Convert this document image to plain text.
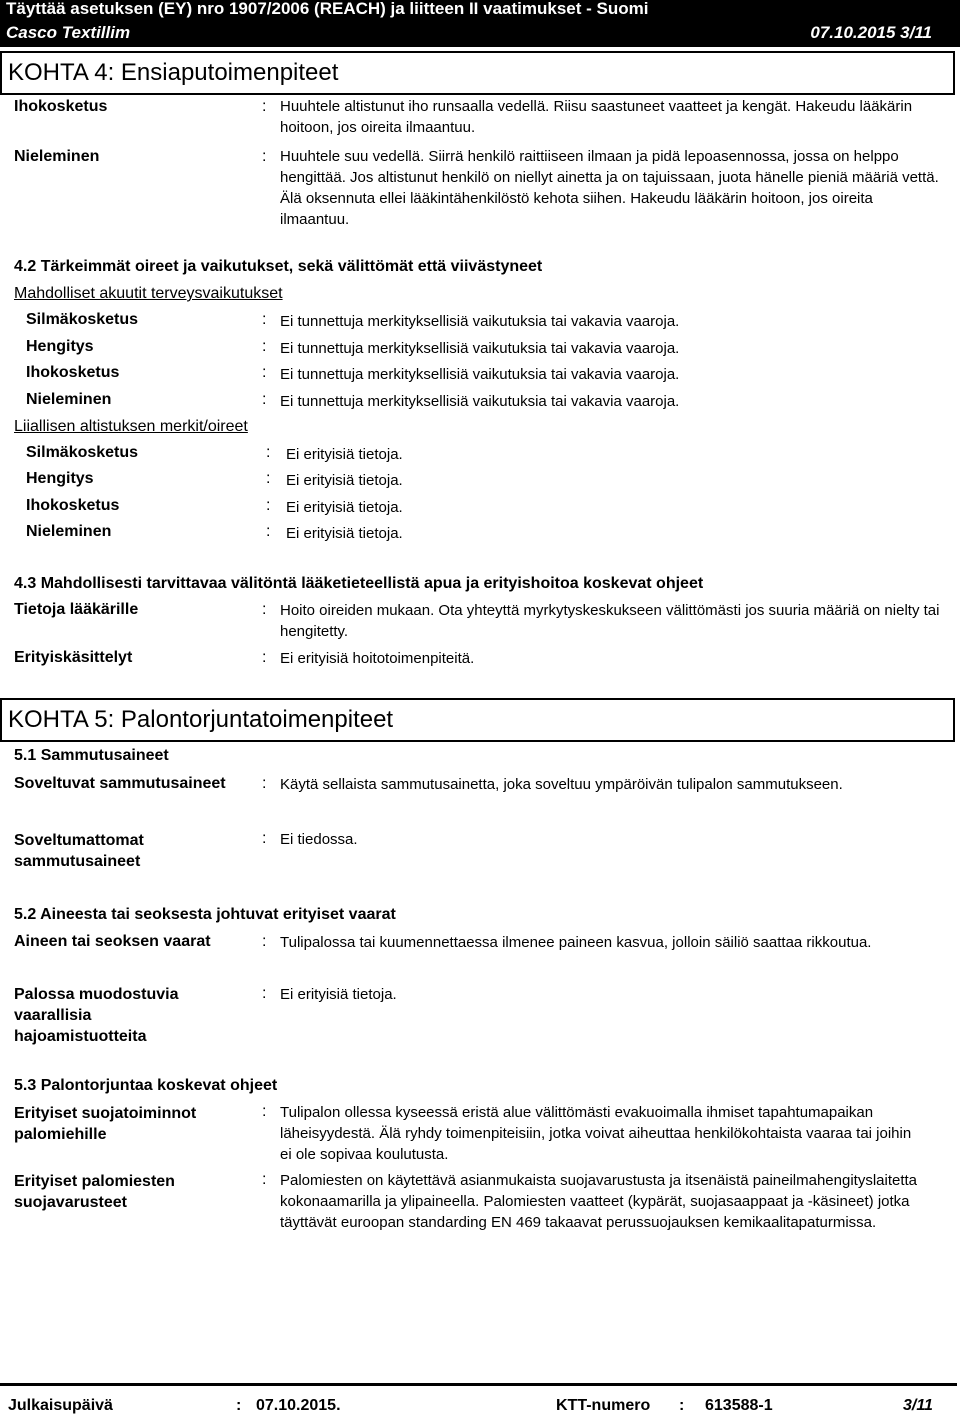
Täyttää asetuksen (EY) nro 1907/2006 (REACH) ja liitteen II vaatimukset - Suomi
Casco Textillim	07.10.2015 3/11
KOHTA 4: Ensiaputoimenpiteet
Ihokosketus	: Huuhtele altistunut iho runsaalla vedellä. Riisu saastuneet vaatteet ja kengät. Hakeudu lääkärin hoitoon, jos oireita ilmaantuu.
Nieleminen	: Huuhtele suu vedellä. Siirrä henkilö raittiiseen ilmaan ja pidä lepoasennossa, jossa on helppo hengittää. Jos altistunut henkilö on niellyt ainetta ja on tajuissaan, juota hänelle pieniä määriä vettä. Älä oksennuta ellei lääkintähenkilöstö kehota siihen. Hakeudu lääkärin hoitoon, jos oireita ilmaantuu.
4.2 Tärkeimmät oireet ja vaikutukset, sekä välittömät että viivästyneet
Mahdolliset akuutit terveysvaikutukset
Silmäkosketus	: Ei tunnettuja merkityksellisiä vaikutuksia tai vakavia vaaroja.
Hengitys	: Ei tunnettuja merkityksellisiä vaikutuksia tai vakavia vaaroja.
Ihokosketus	: Ei tunnettuja merkityksellisiä vaikutuksia tai vakavia vaaroja.
Nieleminen	: Ei tunnettuja merkityksellisiä vaikutuksia tai vakavia vaaroja.
Liiallisen altistuksen merkit/oireet
Silmäkosketus	: Ei erityisiä tietoja.
Hengitys	: Ei erityisiä tietoja.
Ihokosketus	: Ei erityisiä tietoja.
Nieleminen	: Ei erityisiä tietoja.
4.3 Mahdollisesti tarvittavaa välitöntä lääketieteellistä apua ja erityishoitoa koskevat ohjeet
Tietoja lääkärille	: Hoito oireiden mukaan. Ota yhteyttä myrkytyskeskukseen välittömästi jos suuria määriä on nielty tai hengitetty.
Erityiskäsittelyt	: Ei erityisiä hoitotoimenpiteitä.
KOHTA 5: Palontorjuntatoimenpiteet
5.1 Sammutusaineet
Soveltuvat sammutusaineet : Käytä sellaista sammutusainetta, joka soveltuu ympäröivän tulipalon sammutukseen.
Soveltumattomat sammutusaineet
: Ei tiedossa.
5.2 Aineesta tai seoksesta johtuvat erityiset vaarat
Aineen tai seoksen vaarat	: Tulipalossa tai kuumennettaessa ilmenee paineen kasvua, jolloin säiliö saattaa rikkoutua.
Palossa muodostuvia vaarallisia hajoamistuotteita
: Ei erityisiä tietoja.
5.3 Palontorjuntaa koskevat ohjeet
Erityiset suojatoiminnot palomiehille
: Tulipalon ollessa kyseessä eristä alue välittömästi evakuoimalla ihmiset tapahtumapaikan läheisyydestä. Älä ryhdy toimenpiteisiin, jotka voivat aiheuttaa henkilökohtaista vaaraa tai joihin ei ole sopivaa koulutusta.
Erityiset palomiesten suojavarusteet
: Palomiesten on käytettävä asianmukaista suojavarustusta ja itsenäistä paineilmahengityslaitetta kokonaamarilla ja ylipaineella. Palomiesten vaatteet (kypärät, suojasaappaat ja -käsineet) jotka täyttävät euroopan standarding EN 469 takaavat perussuojauksen kemikaalitapaturmissa.
Julkaisupäivä	: 07.10.2015.	KTT-numero : 613588-1	3/11
